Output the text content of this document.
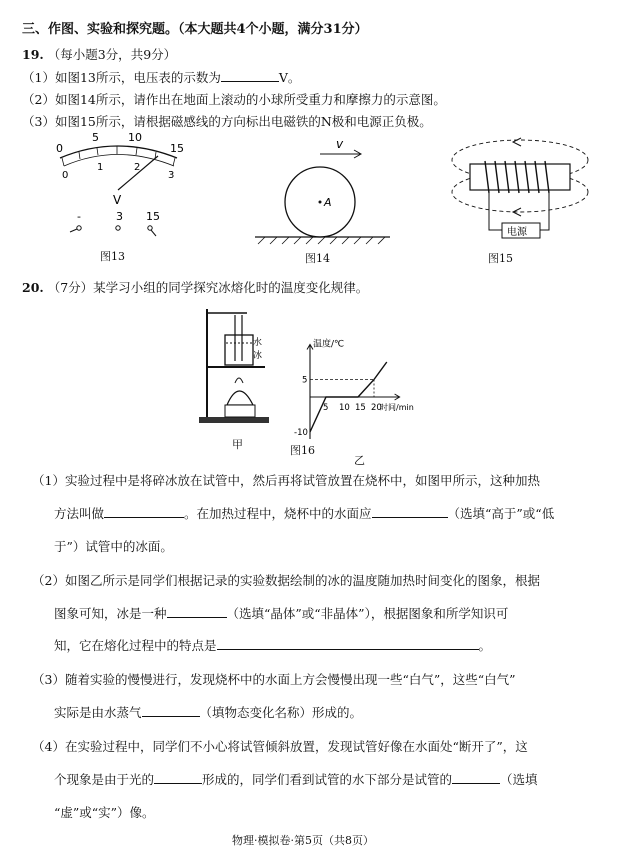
三、作图、实验和探究题。（本大题共4个小题，满分31分）
19. （每小题3分，共9分）
（1）如图13所示，电压表的示数为	V。
（2）如图14所示，请作出在地面上滚动的小球所受重力和摩擦力的示意图。
（3）如图15所示，请根据磁感线的方向标出电磁铁的N极和电源正负极。
0
5	10
15
0
1	2
3
V
-	3 15
图13
v
A
图14
电源
图15
20. （7分）某学习小组的同学探究冰熔化时的温度变化规律。
水
冰
甲
温度/℃
时间/min
5 10 15 20
5
-10
乙
图16
（1）实验过程中是将碎冰放在试管中，然后再将试管放置在烧杯中，如图甲所示，这种加热
方法叫做	。在加热过程中，烧杯中的水面应	（选填“高于”或“低
于”）试管中的冰面。
（2）如图乙所示是同学们根据记录的实验数据绘制的冰的温度随加热时间变化的图象，根据
图象可知，冰是一种	（选填“晶体”或“非晶体”），根据图象和所学知识可
知，它在熔化过程中的特点是	。
（3）随着实验的慢慢进行，发现烧杯中的水面上方会慢慢出现一些“白气”，这些“白气”
实际是由水蒸气	（填物态变化名称）形成的。
（4）在实验过程中，同学们不小心将试管倾斜放置，发现试管好像在水面处“断开了”，这
个现象是由于光的	形成的，同学们看到试管的水下部分是试管的	（选填
“虚”或“实”）像。
物理·模拟卷·第5页（共8页）
